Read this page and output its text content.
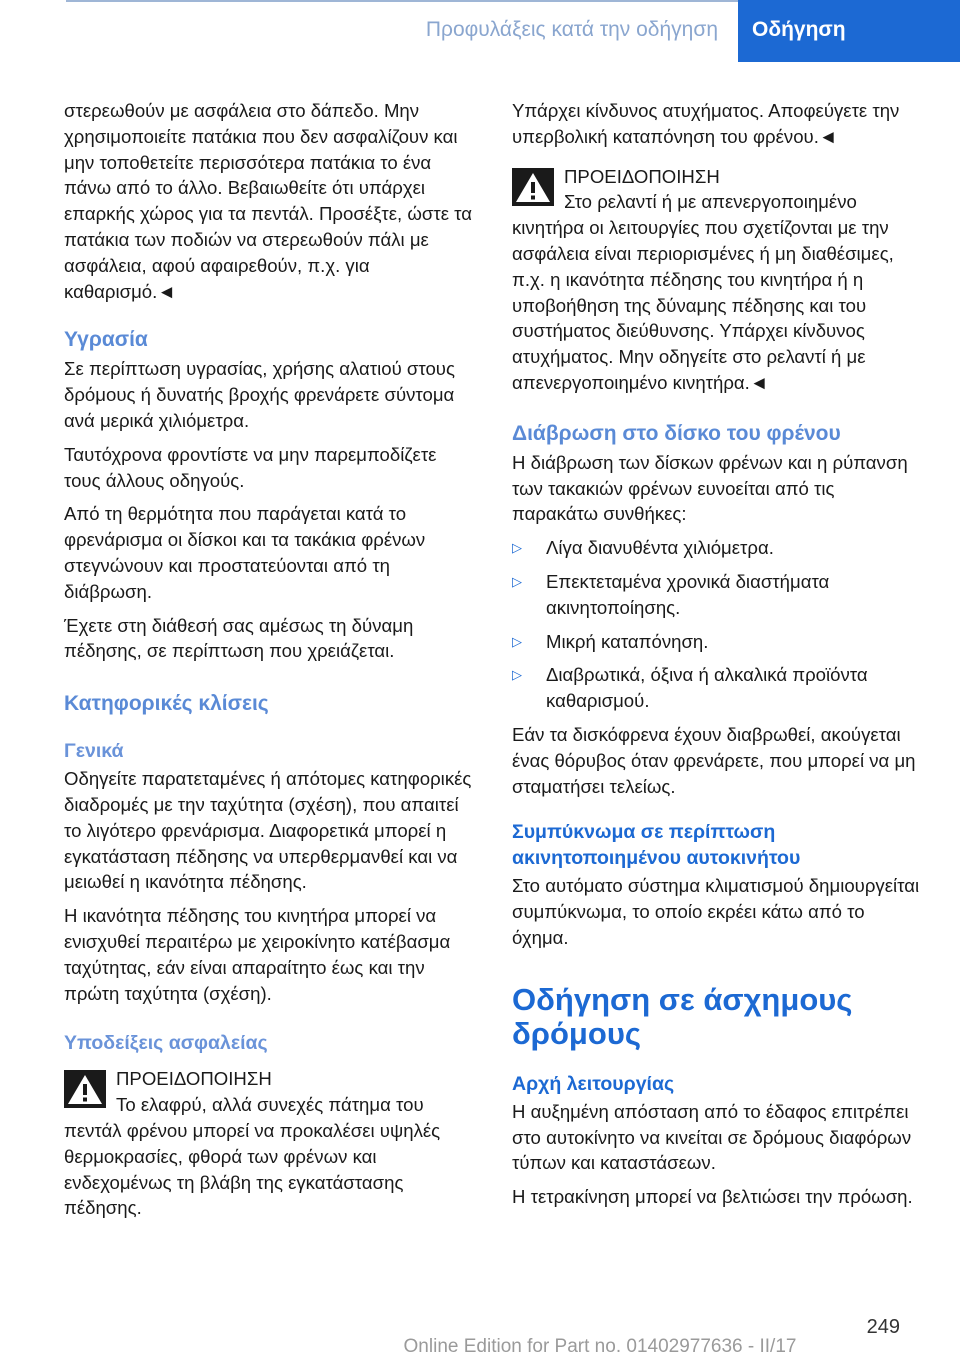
Προφυλάξεις κατά την οδήγηση	Οδήγηση

στερεωθούν με ασφάλεια στο δάπεδο. Μην χρησιμοποιείτε πατάκια που δεν ασφαλίζουν και μην τοποθετείτε περισσότερα πατάκια το ένα πάνω από το άλλο. Βεβαιωθείτε ότι υπάρχει επαρκής χώρος για τα πεντάλ. Προσέξτε, ώστε τα πατάκια των ποδιών να στερεωθούν πάλι με ασφάλεια, αφού αφαιρεθούν, π.χ. για καθαρισμό.◄

Υγρασία

Σε περίπτωση υγρασίας, χρήσης αλατιού στους δρόμους ή δυνατής βροχής φρενάρετε σύντομα ανά μερικά χιλιόμετρα.

Ταυτόχρονα φροντίστε να μην παρεμποδίζετε τους άλλους οδηγούς.

Από τη θερμότητα που παράγεται κατά το φρενάρισμα οι δίσκοι και τα τακάκια φρένων στεγνώνουν και προστατεύονται από τη διάβρωση.

Έχετε στη διάθεσή σας αμέσως τη δύναμη πέδησης, σε περίπτωση που χρειάζεται.

Κατηφορικές κλίσεις
Γενικά

Οδηγείτε παρατεταμένες ή απότομες κατηφορικές διαδρομές με την ταχύτητα (σχέση), που απαιτεί το λιγότερο φρενάρισμα. Διαφορετικά μπορεί η εγκατάσταση πέδησης να υπερθερμανθεί και να μειωθεί η ικανότητα πέδησης.

Η ικανότητα πέδησης του κινητήρα μπορεί να ενισχυθεί περαιτέρω με χειροκίνητο κατέβασμα ταχύτητας, εάν είναι απαραίτητο έως και την πρώτη ταχύτητα (σχέση).

Υποδείξεις ασφαλείας
ΠΡΟΕΙΔΟΠΟΙΗΣΗ
Το ελαφρύ, αλλά συνεχές πάτημα του
πεντάλ φρένου μπορεί να προκαλέσει υψηλές θερμοκρασίες, φθορά των φρένων και ενδεχομένως τη βλάβη της εγκατάστασης πέδησης.

Υπάρχει κίνδυνος ατυχήματος. Αποφεύγετε την υπερβολική καταπόνηση του φρένου.◄

ΠΡΟΕΙΔΟΠΟΙΗΣΗ
Στο ρελαντί ή με απενεργοποιημένο
κινητήρα οι λειτουργίες που σχετίζονται με την ασφάλεια είναι περιορισμένες ή μη διαθέσιμες, π.χ. η ικανότητα πέδησης του κινητήρα ή η υποβοήθηση της δύναμης πέδησης και του συστήματος διεύθυνσης. Υπάρχει κίνδυνος ατυχήματος. Μην οδηγείτε στο ρελαντί ή με απενεργοποιημένο κινητήρα.◄
Διάβρωση στο δίσκο του φρένου

Η διάβρωση των δίσκων φρένων και η ρύπανση των τακακιών φρένων ευνοείται από τις παρακάτω συνθήκες:

▷ Λίγα διανυθέντα χιλιόμετρα.
▷ Επεκτεταμένα χρονικά διαστήματα ακινητοποίησης.
▷ Μικρή καταπόνηση.
▷ Διαβρωτικά, όξινα ή αλκαλικά προϊόντα καθαρισμού.

Εάν τα δισκόφρενα έχουν διαβρωθεί, ακούγεται ένας θόρυβος όταν φρενάρετε, που μπορεί να μη σταματήσει τελείως.

Συμπύκνωμα σε περίπτωση ακινητοποιημένου αυτοκινήτου

Στο αυτόματο σύστημα κλιματισμού δημιουργείται συμπύκνωμα, το οποίο εκρέει κάτω από το όχημα.

Οδήγηση σε άσχημους δρόμους
Αρχή λειτουργίας

Η αυξημένη απόσταση από το έδαφος επιτρέπει στο αυτοκίνητο να κινείται σε δρόμους διαφόρων τύπων και καταστάσεων.

Η τετρακίνηση μπορεί να βελτιώσει την πρόωση.

249
Online Edition for Part no. 01402977636 - II/17
